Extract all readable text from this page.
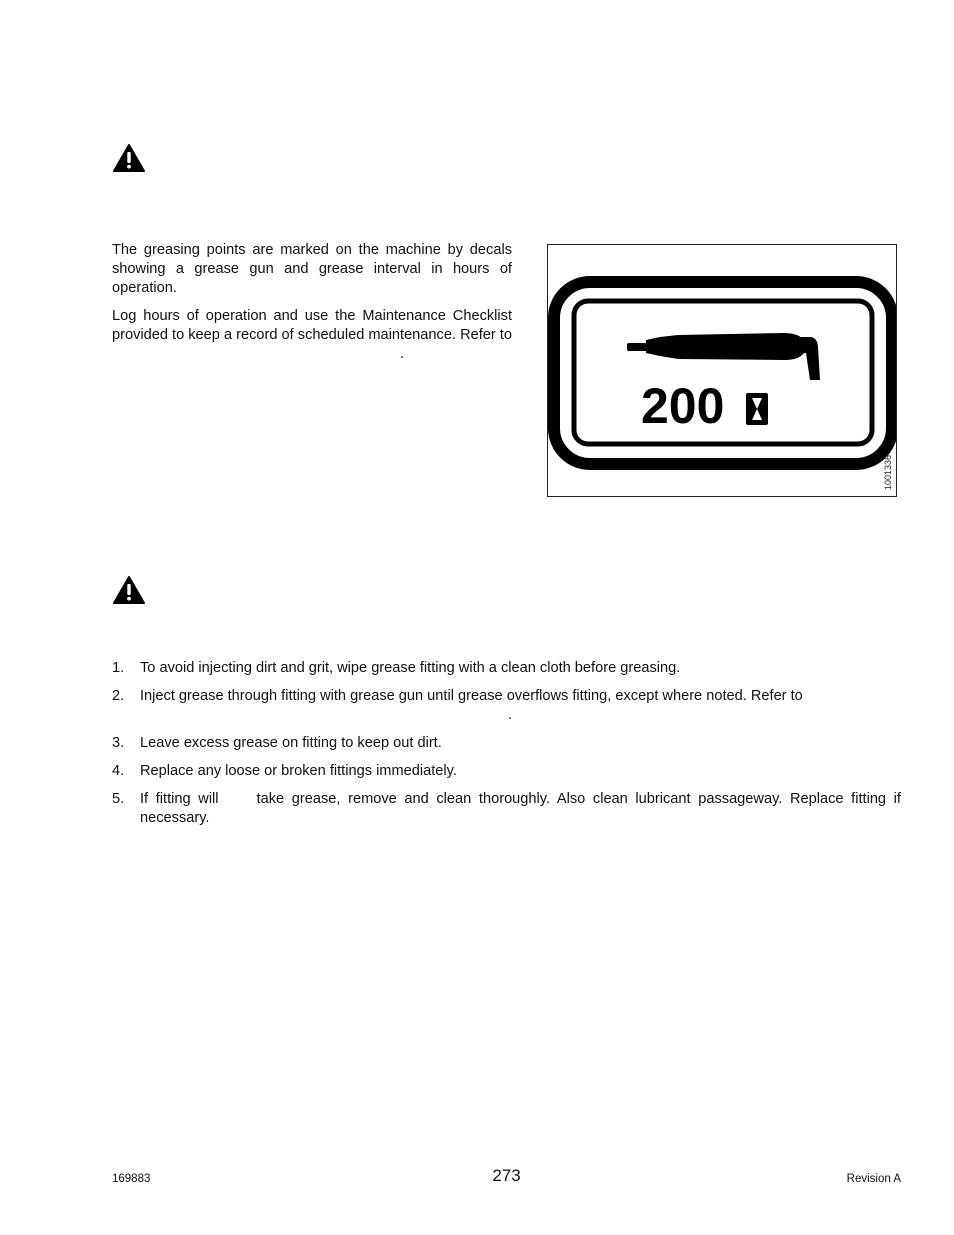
The greasing points are marked on the machine by decals showing a grease gun and grease interval in hours of operation.

Log hours of operation and use the Maintenance Checklist provided to keep a record of scheduled maintenance. Refer to.

200
1001336
1. To avoid injecting dirt and grit, wipe grease fitting with a clean cloth before greasing.
2. Inject grease through fitting with grease gun until grease overflows fitting, except where noted. Refer to
.
3. Leave excess grease on fitting to keep out dirt.
4. Replace any loose or broken fittings immediately.
5. If fitting will	take grease, remove and clean thoroughly. Also clean lubricant passageway. Replace fitting if necessary.
169883	273	Revision A
